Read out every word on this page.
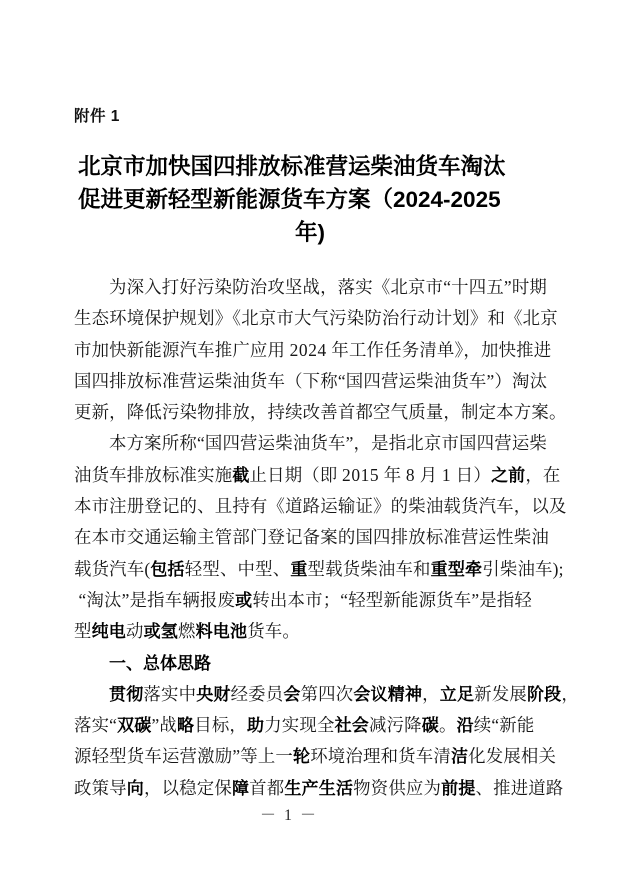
附件 1
北京市加快国四排放标准营运柴油货车淘汰
促进更新轻型新能源货车方案（2024-2025
年)

为深入打好污染防治攻坚战，落实《北京市“十四五”时期
生态环境保护规划》《北京市大气污染防治行动计划》和《北京
市加快新能源汽车推广应用 2024 年工作任务清单》，加快推进
国四排放标准营运柴油货车（下称“国四营运柴油货车”）淘汰
更新，降低污染物排放，持续改善首都空气质量，制定本方案。

本方案所称“国四营运柴油货车”，是指北京市国四营运柴
油货车排放标准实施截止日期（即 2015 年 8 月 1 日）之前，在
本市注册登记的、且持有《道路运输证》的柴油载货汽车，以及
在本市交通运输主管部门登记备案的国四排放标准营运性柴油
载货汽车(包括轻型、中型、重型载货柴油车和重型牵引柴油车);
“淘汰”是指车辆报废或转出本市；“轻型新能源货车”是指轻
型纯电动或氢燃料电池货车。

一、总体思路

贯彻落实中央财经委员会第四次会议精神，立足新发展阶段，
落实“双碳”战略目标，助力实现全社会减污降碳。沿续“新能
源轻型货车运营激励”等上一轮环境治理和货车清洁化发展相关
政策导向，以稳定保障首都生产生活物资供应为前提、推进道路

－ 1 －
